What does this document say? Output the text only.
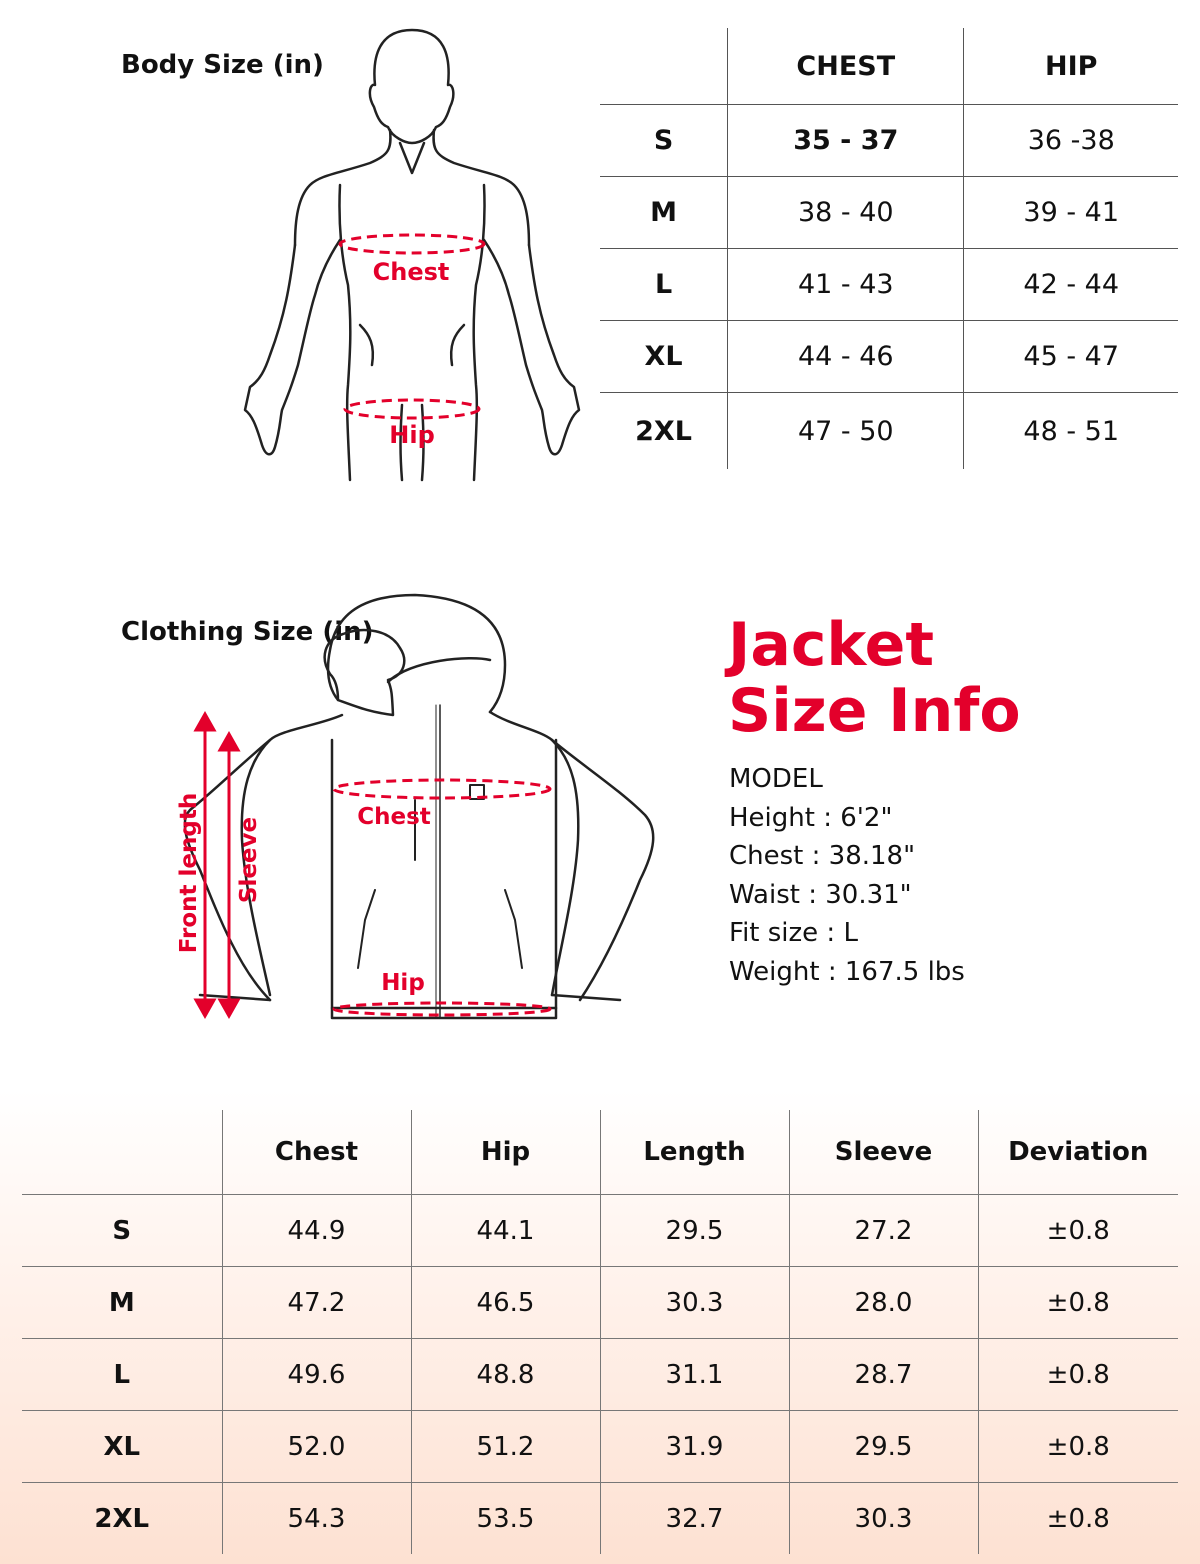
Body Size (in)
Chest
Hip
	CHEST	HIP
S	35 - 37	36 -38
M	38 - 40	39 - 41
L	41 - 43	42 - 44
XL	44 - 46	45 - 47
2XL	47 - 50	48 - 51
Clothing Size (in)
Chest
Hip
Front length Sleeve
Jacket
Size Info
MODEL
Height : 6'2"
Chest : 38.18"
Waist : 30.31"
Fit size : L
Weight : 167.5 lbs
	Chest	Hip	Length	Sleeve	Deviation
S	44.9	44.1	29.5	27.2	±0.8
M	47.2	46.5	30.3	28.0	±0.8
L	49.6	48.8	31.1	28.7	±0.8
XL	52.0	51.2	31.9	29.5	±0.8
2XL	54.3	53.5	32.7	30.3	±0.8
